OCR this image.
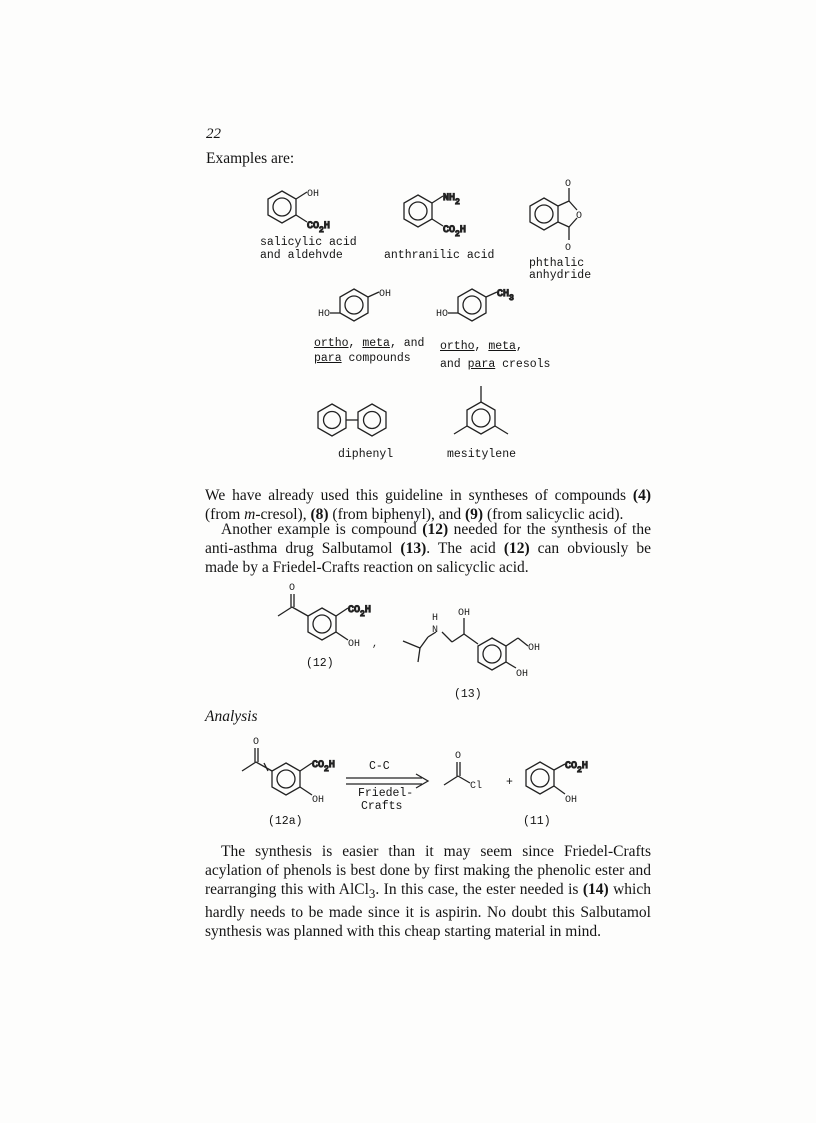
22
Examples are:
OH
$CO_2H$
salicylic acid
and aldehvde
$NH_2$
$CO_2H$
anthranilic acid
O
O
O
phthalic
anhydride
HO
OH
ortho, meta, and
para compounds
HO
$CH_3$
ortho, meta,
and para cresols
diphenyl	mesitylene
We have already used this guideline in syntheses of compounds (4) (from m-cresol), (8) (from biphenyl), and (9) (from salicyclic acid).
Another example is compound (12) needed for the synthesis of the anti-asthma drug Salbutamol (13). The acid (12) can obviously be made by a Friedel-Crafts reaction on salicyclic acid.
O
$CO_2H$
OH ,
(12)
H
N
OH
OH
OH
(13)
Analysis
O
$CO_2H$
OH
(12a)
C-C
Friedel-
Crafts
O
Cl +
$CO_2H$
OH
(11)
The synthesis is easier than it may seem since Friedel-Crafts acylation of phenols is best done by first making the phenolic ester and rearranging this with AlCl$_3$. In this case, the ester needed is (14) which hardly needs to be made since it is aspirin. No doubt this Salbutamol synthesis was planned with this cheap starting material in mind.
